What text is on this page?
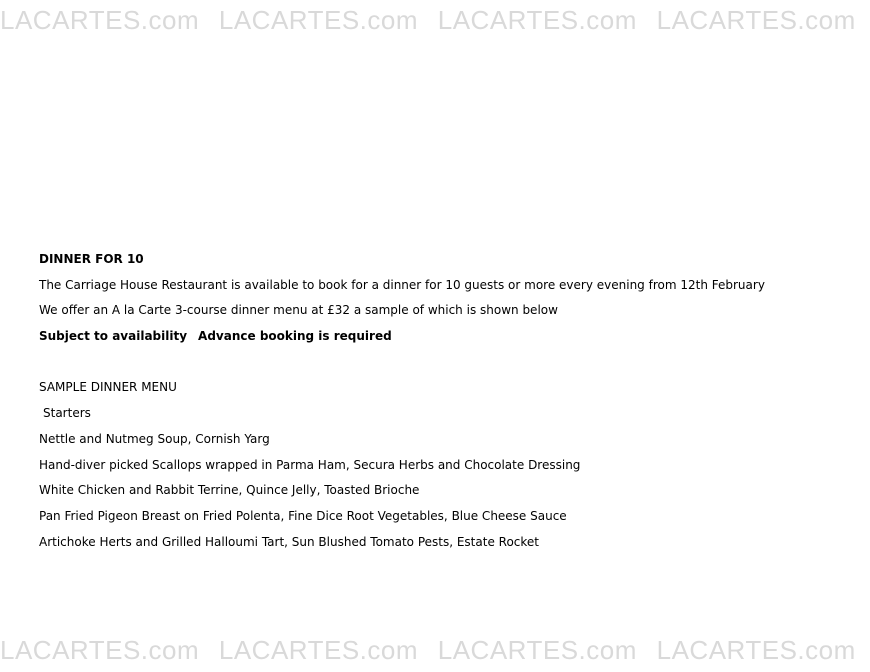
LACARTES.com LACARTES.com LACARTES.com LACARTES.com
DINNER FOR 10
The Carriage House Restaurant is available to book for a dinner for 10 guests or more every evening from 12th February
We offer an A la Carte 3-course dinner menu at £32 a sample of which is shown below
Subject to availability Advance booking is required
SAMPLE DINNER MENU
Starters
Nettle and Nutmeg Soup, Cornish Yarg
Hand-diver picked Scallops wrapped in Parma Ham, Secura Herbs and Chocolate Dressing
White Chicken and Rabbit Terrine, Quince Jelly, Toasted Brioche
Pan Fried Pigeon Breast on Fried Polenta, Fine Dice Root Vegetables, Blue Cheese Sauce
Artichoke Herts and Grilled Halloumi Tart, Sun Blushed Tomato Pests, Estate Rocket
LACARTES.com LACARTES.com LACARTES.com LACARTES.com
